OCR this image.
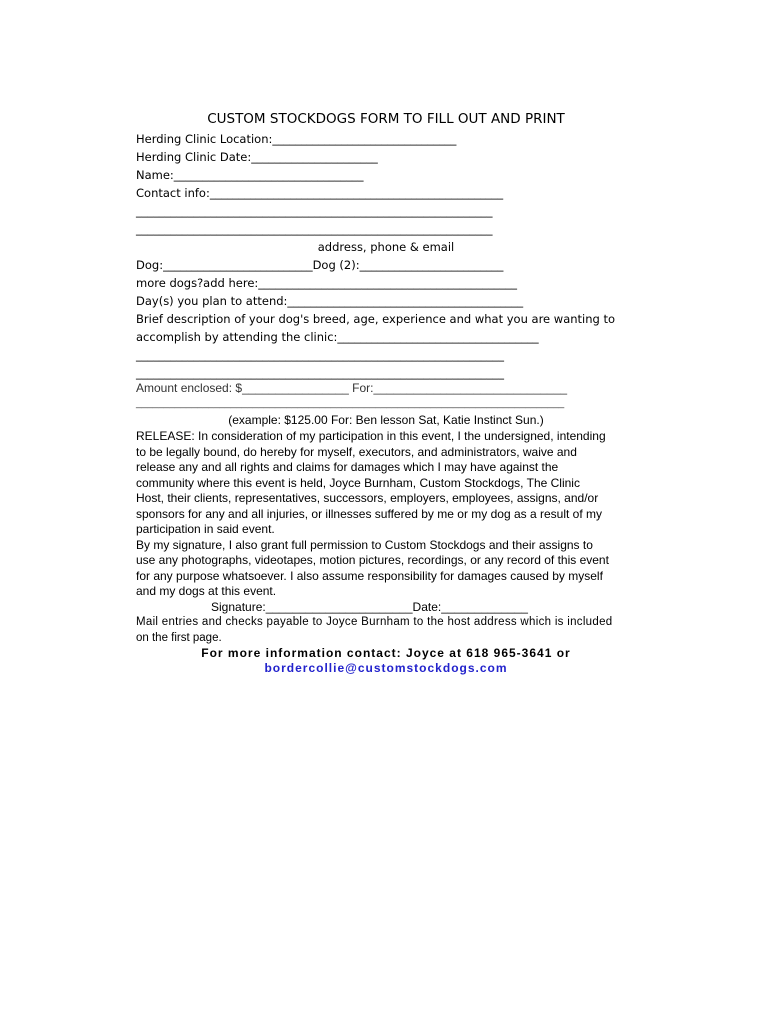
CUSTOM STOCKDOGS FORM TO FILL OUT AND PRINT
Herding Clinic Location:________________________________
Herding Clinic Date:______________________
Name:_________________________________
Contact info:___________________________________________________
______________________________________________________________
______________________________________________________________
address, phone & email
Dog:__________________________Dog (2):_________________________
more dogs?add here:_____________________________________________
Day(s) you plan to attend:_________________________________________
Brief description of your dog's breed, age, experience and what you are wanting to
accomplish by attending the clinic:___________________________________
________________________________________________________________
________________________________________________________________
Amount enclosed: $________________ For:_____________________________
_____________________________________________________________________________
(example: $125.00 For: Ben lesson Sat, Katie Instinct Sun.)
RELEASE: In consideration of my participation in this event, I the undersigned, intending
to be legally bound, do hereby for myself, executors, and administrators, waive and
release any and all rights and claims for damages which I may have against the
community where this event is held, Joyce Burnham, Custom Stockdogs, The Clinic
Host, their clients, representatives, successors, employers, employees, assigns, and/or
sponsors for any and all injuries, or illnesses suffered by me or my dog as a result of my
participation in said event.
By my signature, I also grant full permission to Custom Stockdogs and their assigns to
use any photographs, videotapes, motion pictures, recordings, or any record of this event
for any purpose whatsoever. I also assume responsibility for damages caused by myself
and my dogs at this event.
Signature:______________________Date:_____________
Mail entries and checks payable to Joyce Burnham to the host address which is included
on the first page.
For more information contact: Joyce at 618 965-3641 or
bordercollie@customstockdogs.com
